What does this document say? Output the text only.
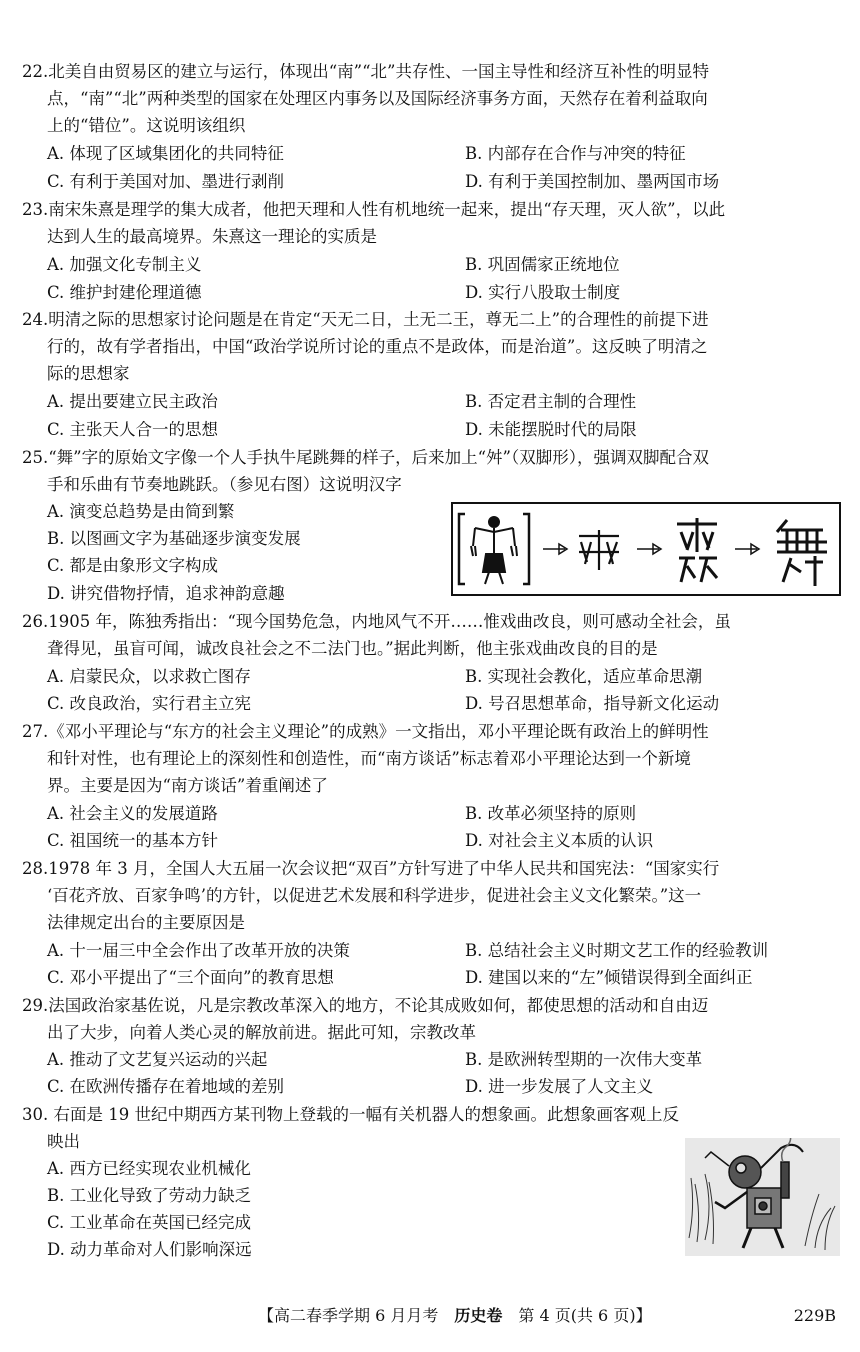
22.北美自由贸易区的建立与运行，体现出“南”“北”共存性、一国主导性和经济互补性的明显特
点，“南”“北”两种类型的国家在处理区内事务以及国际经济事务方面，天然存在着利益取向
上的“错位”。这说明该组织
A. 体现了区域集团化的共同特征	B. 内部存在合作与冲突的特征
C. 有利于美国对加、墨进行剥削	D. 有利于美国控制加、墨两国市场
23.南宋朱熹是理学的集大成者，他把天理和人性有机地统一起来，提出“存天理，灭人欲”，以此
达到人生的最高境界。朱熹这一理论的实质是
A. 加强文化专制主义	B. 巩固儒家正统地位
C. 维护封建伦理道德	D. 实行八股取士制度
24.明清之际的思想家讨论问题是在肯定“天无二日，土无二王，尊无二上”的合理性的前提下进
行的，故有学者指出，中国“政治学说所讨论的重点不是政体，而是治道”。这反映了明清之
际的思想家
A. 提出要建立民主政治	B. 否定君主制的合理性
C. 主张天人合一的思想	D. 未能摆脱时代的局限
25.“舞”字的原始文字像一个人手执牛尾跳舞的样子，后来加上“舛”（双脚形），强调双脚配合双
手和乐曲有节奏地跳跃。（参见右图）这说明汉字
A. 演变总趋势是由简到繁
B. 以图画文字为基础逐步演变发展
C. 都是由象形文字构成
D. 讲究借物抒情，追求神韵意趣
26.1905 年，陈独秀指出：“现今国势危急，内地风气不开……惟戏曲改良，则可感动全社会，虽
聋得见，虽盲可闻，诚改良社会之不二法门也。”据此判断，他主张戏曲改良的目的是
A. 启蒙民众，以求救亡图存	B. 实现社会教化，适应革命思潮
C. 改良政治，实行君主立宪	D. 号召思想革命，指导新文化运动
27.《邓小平理论与“东方的社会主义理论”的成熟》一文指出，邓小平理论既有政治上的鲜明性
和针对性，也有理论上的深刻性和创造性，而“南方谈话”标志着邓小平理论达到一个新境
界。主要是因为“南方谈话”着重阐述了
A. 社会主义的发展道路	B. 改革必须坚持的原则
C. 祖国统一的基本方针	D. 对社会主义本质的认识
28.1978 年 3 月，全国人大五届一次会议把“双百”方针写进了中华人民共和国宪法：“国家实行
‘百花齐放、百家争鸣’的方针，以促进艺术发展和科学进步，促进社会主义文化繁荣。”这一
法律规定出台的主要原因是
A. 十一届三中全会作出了改革开放的决策	B. 总结社会主义时期文艺工作的经验教训
C. 邓小平提出了“三个面向”的教育思想	D. 建国以来的“左”倾错误得到全面纠正
29.法国政治家基佐说，凡是宗教改革深入的地方，不论其成败如何，都使思想的活动和自由迈
出了大步，向着人类心灵的解放前进。据此可知，宗教改革
A. 推动了文艺复兴运动的兴起	B. 是欧洲转型期的一次伟大变革
C. 在欧洲传播存在着地域的差别	D. 进一步发展了人文主义
30. 右面是 19 世纪中期西方某刊物上登载的一幅有关机器人的想象画。此想象画客观上反
映出
A. 西方已经实现农业机械化
B. 工业化导致了劳动力缺乏
C. 工业革命在英国已经完成
D. 动力革命对人们影响深远
【高二春季学期 6 月月考　历史卷　第 4 页(共 6 页)】	229B
